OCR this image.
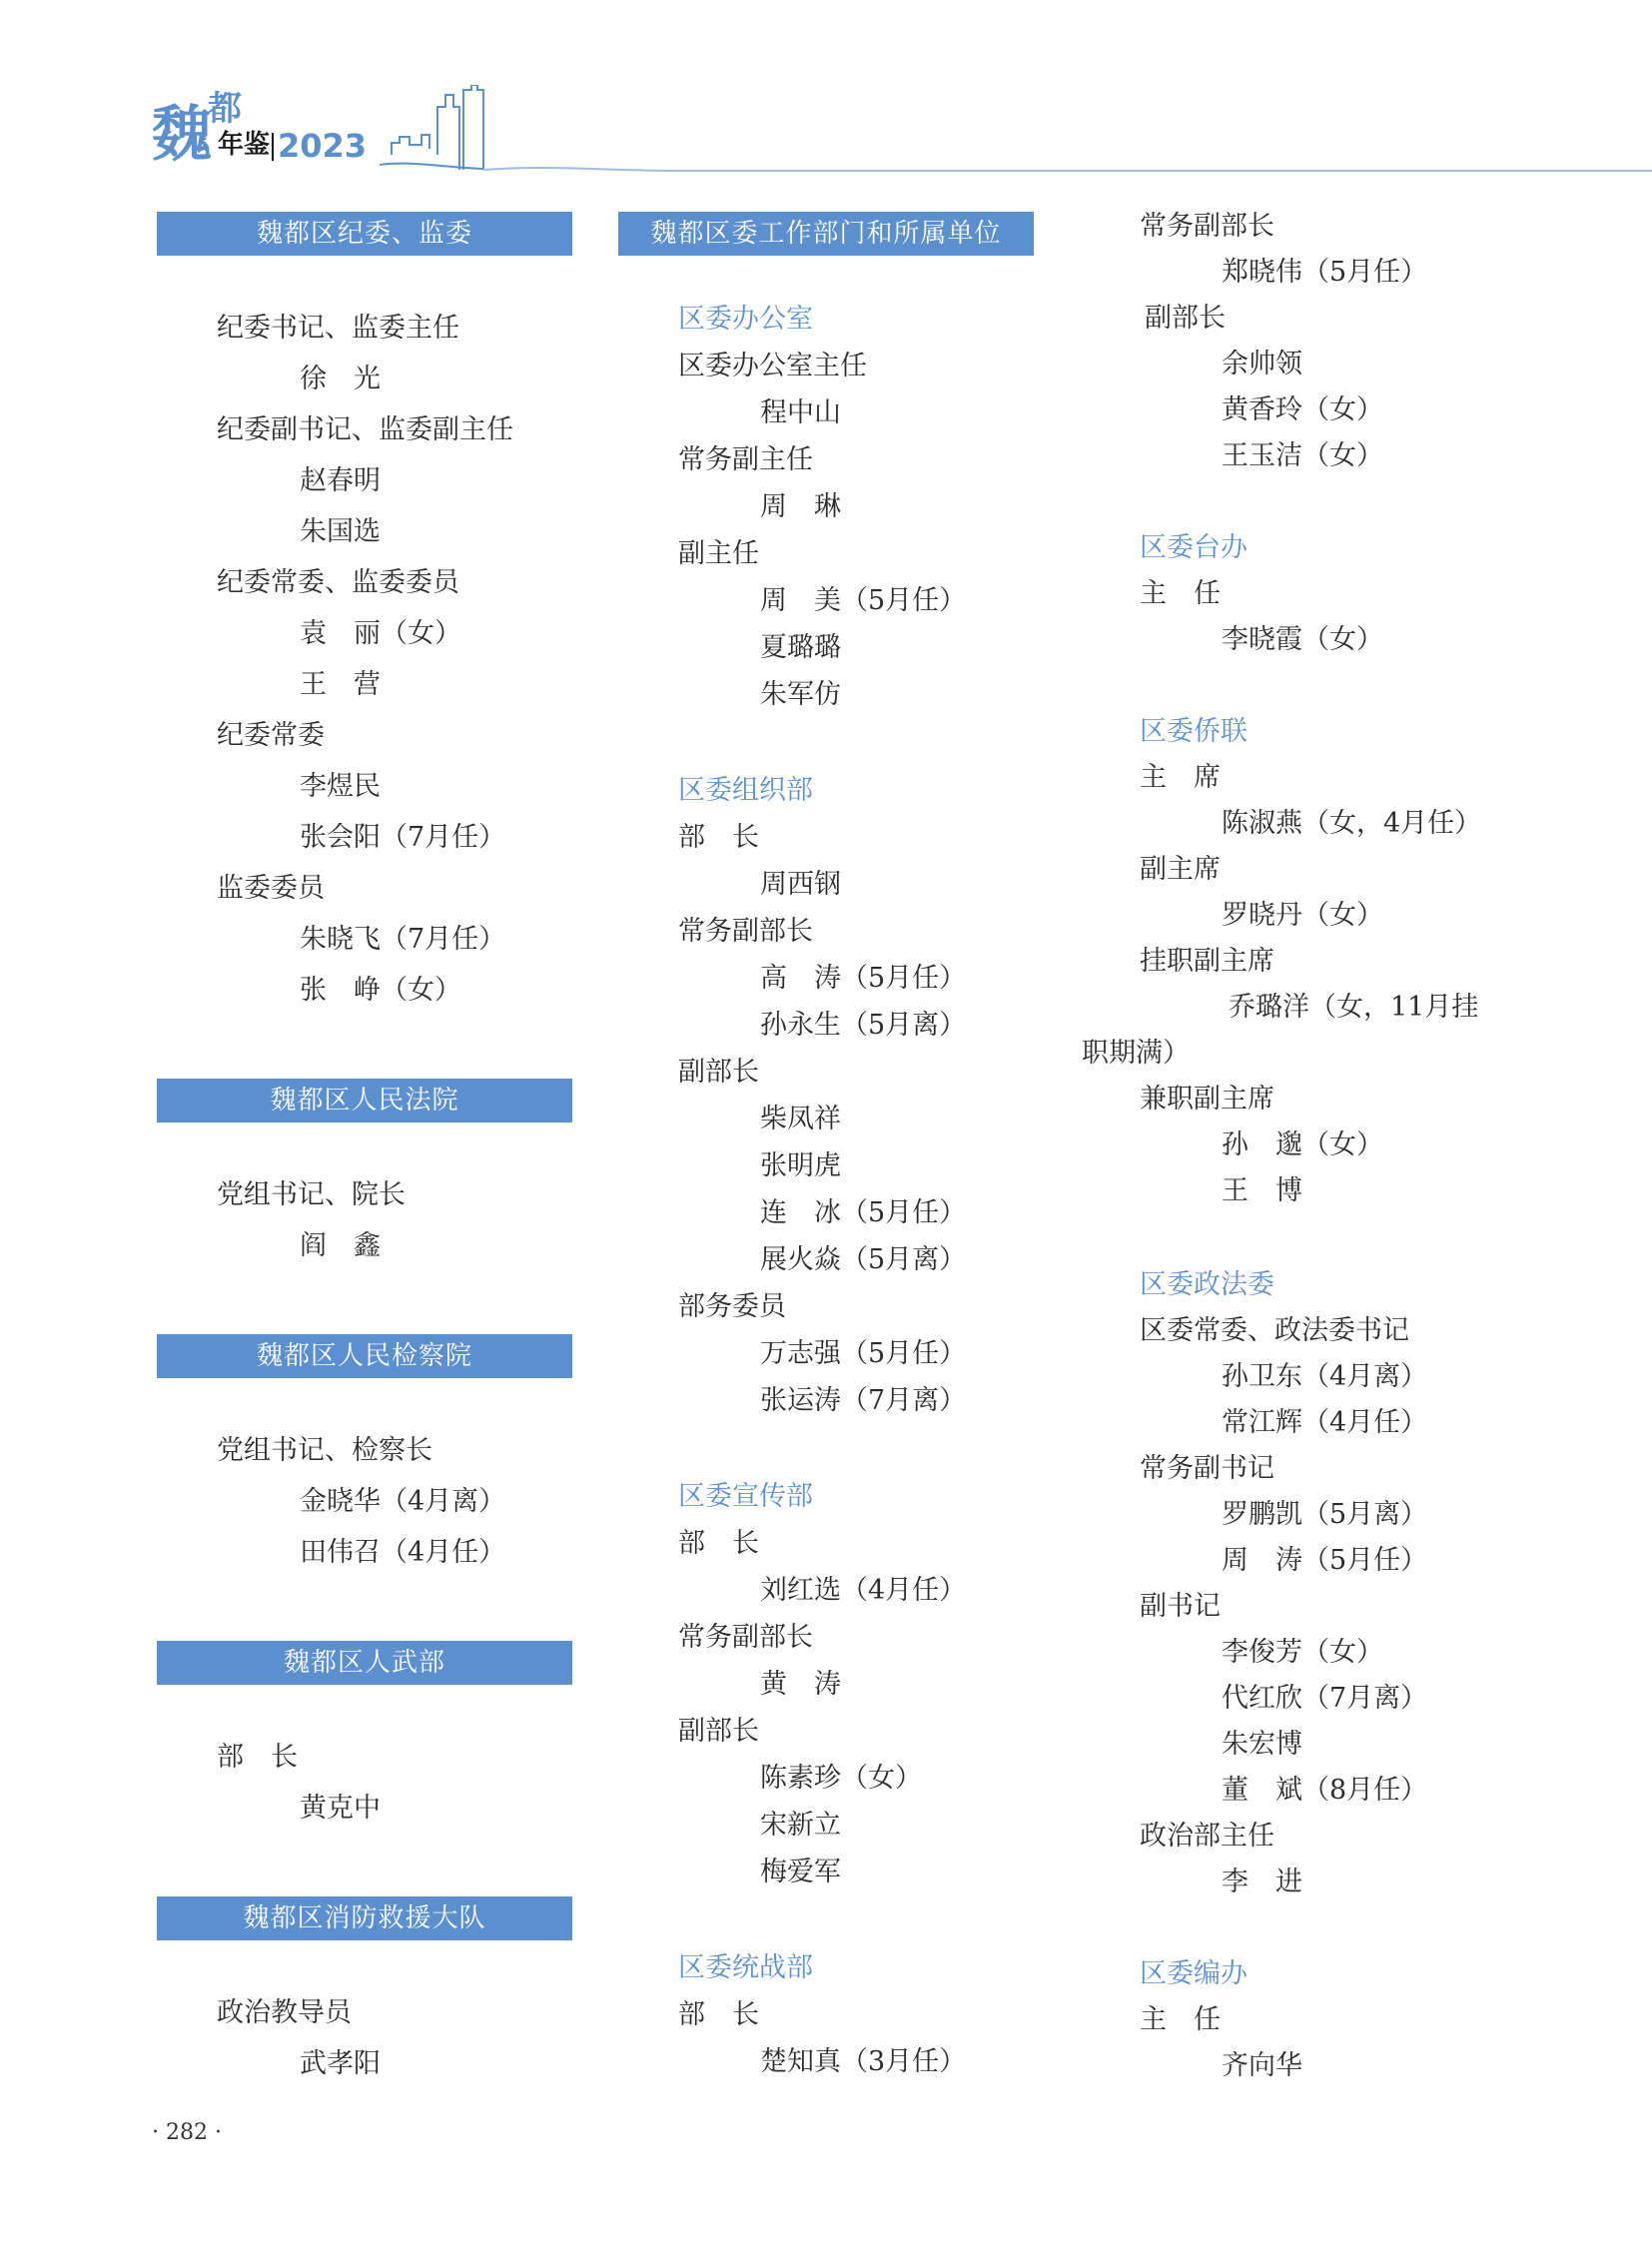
魏
都
年鉴 2023
魏都区纪委、监委
纪委书记、监委主任
徐　光
纪委副书记、监委副主任
赵春明
朱国选
纪委常委、监委委员
袁　丽（女）
王　营
纪委常委
李煜民
张会阳（7月任）
监委委员
朱晓飞（7月任）
张　峥（女）
魏都区人民法院
党组书记、院长
阎　鑫
魏都区人民检察院
党组书记、检察长
金晓华（4月离）
田伟召（4月任）
魏都区人武部
部　长
黄克中
魏都区消防救援大队
政治教导员
武孝阳
魏都区委工作部门和所属单位
区委办公室
区委办公室主任
程中山
常务副主任
周　琳
副主任
周　美（5月任）
夏璐璐
朱军仿
区委组织部
部　长
周西钢
常务副部长
高　涛（5月任）
孙永生（5月离）
副部长
柴凤祥
张明虎
连　冰（5月任）
展火焱（5月离）
部务委员
万志强（5月任）
张运涛（7月离）
区委宣传部
部　长
刘红选（4月任）
常务副部长
黄　涛
副部长
陈素珍（女）
宋新立
梅爱军
区委统战部
部　长
楚知真（3月任）
常务副部长
郑晓伟（5月任）
副部长
余帅领
黄香玲（女）
王玉洁（女）
区委台办
主　任
李晓霞（女）
区委侨联
主　席
陈淑燕（女，4月任）
副主席
罗晓丹（女）
挂职副主席
乔璐洋（女，11月挂
职期满）
兼职副主席
孙　邈（女）
王　博
区委政法委
区委常委、政法委书记
孙卫东（4月离）
常江辉（4月任）
常务副书记
罗鹏凯（5月离）
周　涛（5月任）
副书记
李俊芳（女）
代红欣（7月离）
朱宏博
董　斌（8月任）
政治部主任
李　进
区委编办
主　任
齐向华
· 282 ·
